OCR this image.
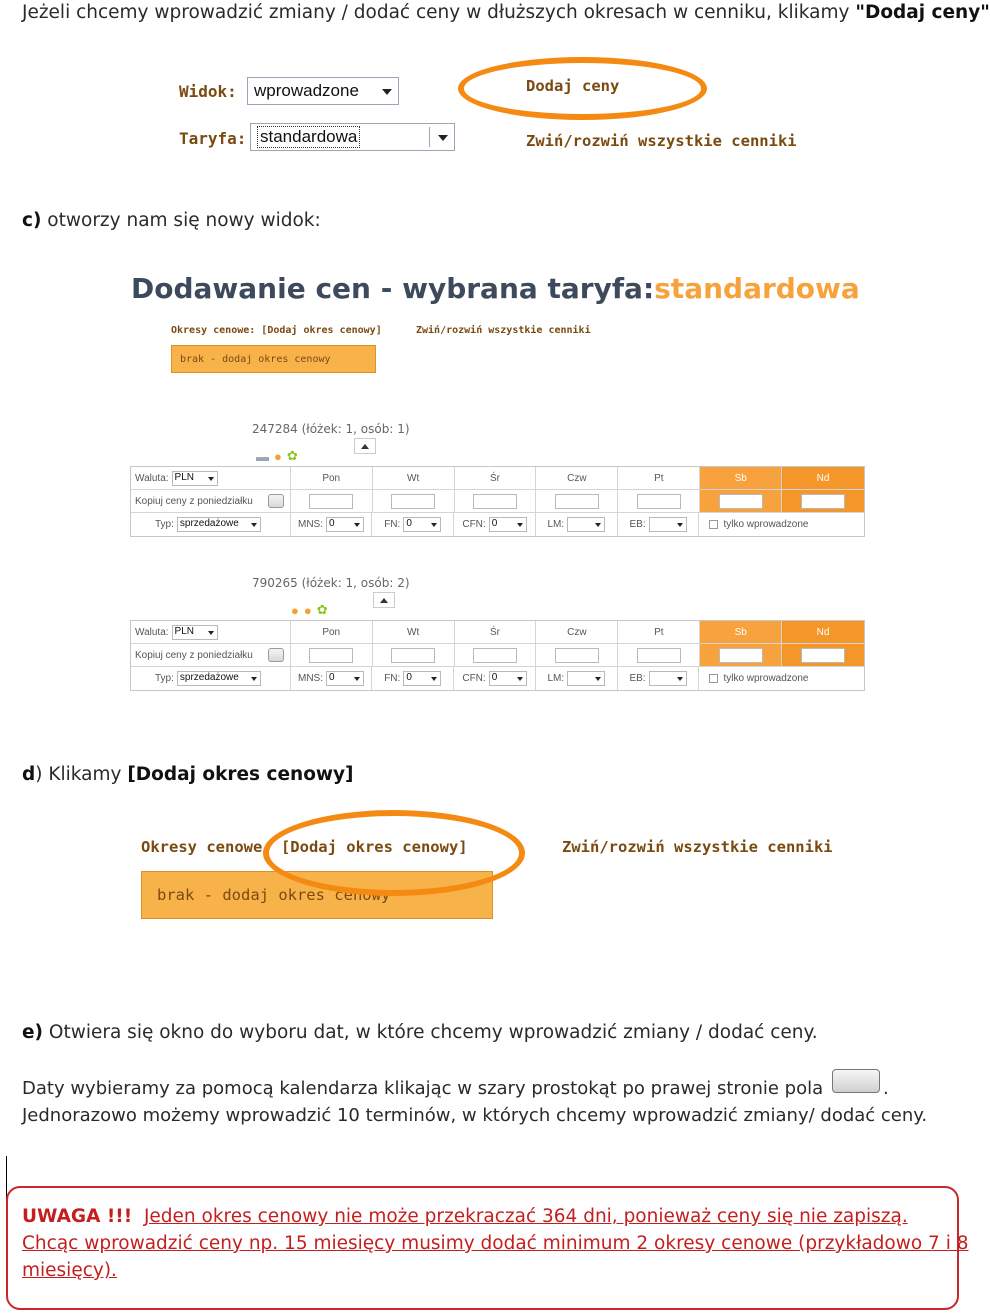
Jeżeli chcemy wprowadzić zmiany / dodać ceny w dłuższych okresach w cenniku, klikamy "Dodaj ceny"
Widok: wprowadzone
Taryfa: standardowa
Dodaj ceny
Zwiń/rozwiń wszystkie cenniki
c) otworzy nam się nowy widok:
Dodawanie cen - wybrana taryfa:standardowa
Okresy cenowe: [Dodaj okres cenowy]	Zwiń/rozwiń wszystkie cenniki
brak - dodaj okres cenowy
247284 (łóżek: 1, osób: 1)
▬ ● ✿
Waluta: PLN	Pon	Wt	Śr	Czw	Pt	Sb	Nd
Kopiuj ceny z poniedziałku
Typ: sprzedażowe	MNS: 0	FN: 0	CFN: 0	LM:	EB:	tylko wprowadzone
790265 (łóżek: 1, osób: 2)
● ● ✿
Waluta: PLN	Pon	Wt	Śr	Czw	Pt	Sb	Nd
Kopiuj ceny z poniedziałku
Typ: sprzedażowe	MNS: 0	FN: 0	CFN: 0	LM:	EB:	tylko wprowadzone
d) Klikamy [Dodaj okres cenowy]
Okresy cenowe: [Dodaj okres cenowy]	Zwiń/rozwiń wszystkie cenniki
brak - dodaj okres cenowy
e) Otwiera się okno do wyboru dat, w które chcemy wprowadzić zmiany / dodać ceny.
Daty wybieramy za pomocą kalendarza klikając w szary prostokąt po prawej stronie pola	.
Jednorazowo możemy wprowadzić 10 terminów, w których chcemy wprowadzić zmiany/ dodać ceny.
UWAGA !!! Jeden okres cenowy nie może przekraczać 364 dni, ponieważ ceny się nie zapiszą.
Chcąc wprowadzić ceny np. 15 miesięcy musimy dodać minimum 2 okresy cenowe (przykładowo 7 i 8
miesięcy).
